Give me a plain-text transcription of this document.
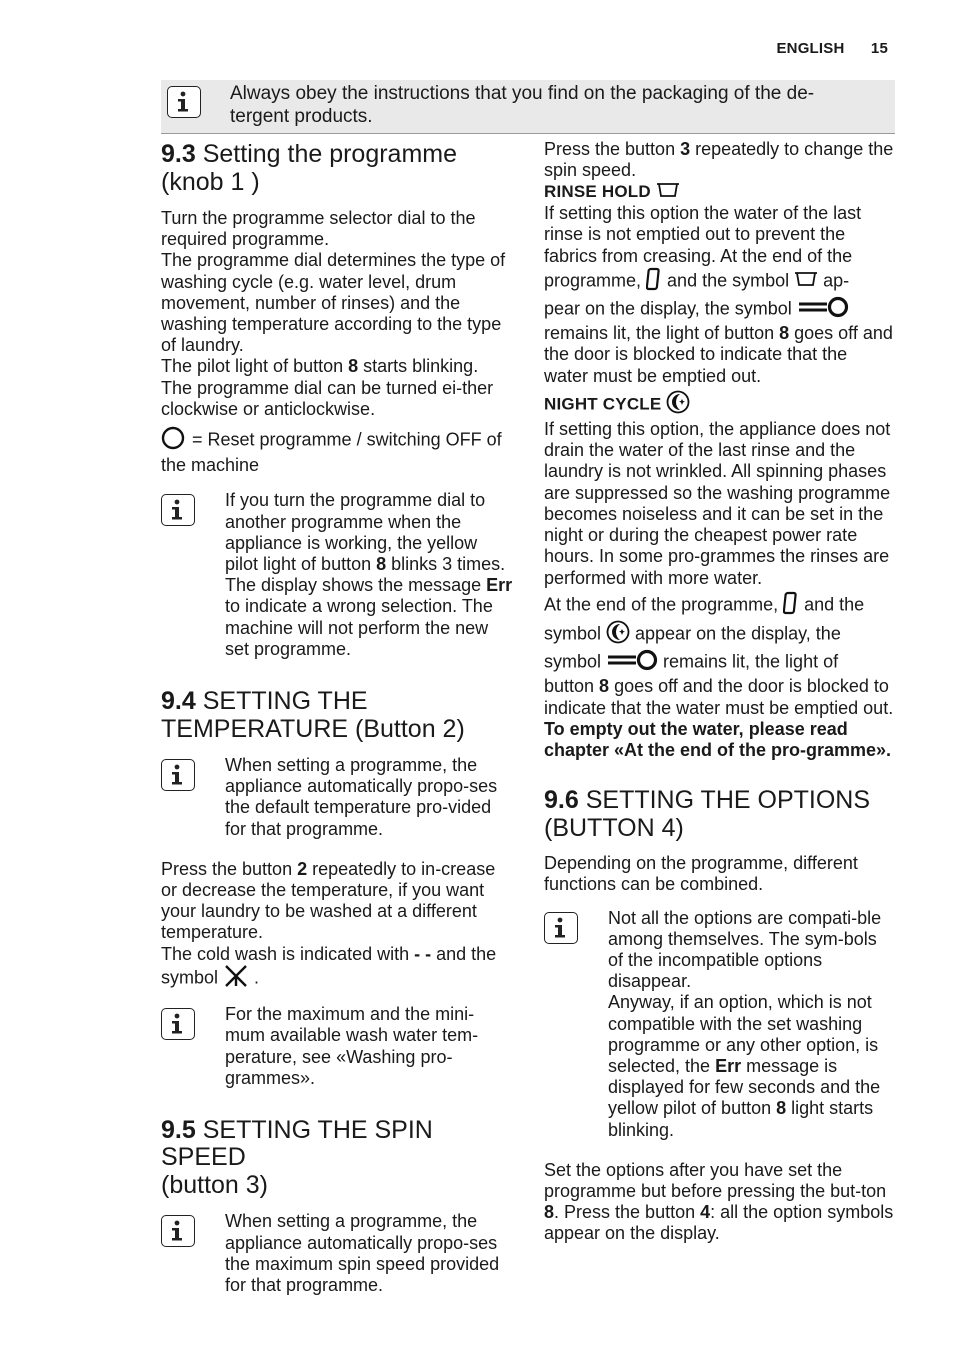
ENGLISH 15
Always obey the instructions that you find on the packaging of the de-
tergent products.
9.3 Setting the programme
(knob 1 )

Turn the programme selector dial to the required programme.

The programme dial determines the type of washing cycle (e.g. water level, drum movement, number of rinses) and the washing temperature according to the type of laundry.

The pilot light of button 8 starts blinking.

The programme dial can be turned ei-ther clockwise or anticlockwise.

= Reset programme / switching OFF of the machine

If you turn the programme dial to another programme when the appliance is working, the yellow pilot light of button 8 blinks 3 times. The display shows the message Err to indicate a wrong selection. The machine will not perform the new set programme.

9.4 SETTING THE
TEMPERATURE (Button 2)

When setting a programme, the appliance automatically propo-ses the default temperature pro-vided for that programme.

Press the button 2 repeatedly to in-crease or decrease the temperature, if you want your laundry to be washed at a different temperature.

The cold wash is indicated with - - and the symbol  .

For the maximum and the mini-mum available wash water tem-perature, see «Washing pro-grammes».

9.5 SETTING THE SPIN SPEED
(button 3)

When setting a programme, the appliance automatically propo-ses the maximum spin speed provided for that programme.

Press the button 3 repeatedly to change the spin speed.

RINSE HOLD

If setting this option the water of the last rinse is not emptied out to prevent the fabrics from creasing. At the end of the

programme,  and the symbol  ap-

pear on the display, the symbol

remains lit, the light of button 8 goes off and the door is blocked to indicate that the water must be emptied out.

NIGHT CYCLE

If setting this option, the appliance does not drain the water of the last rinse and the laundry is not wrinkled. All spinning phases are suppressed so the washing programme becomes noiseless and it can be set in the night or during the cheapest power rate hours. In some pro-grammes the rinses are performed with more water.

At the end of the programme,  and the

symbol  appear on the display, the

symbol	remains lit, the light of

button 8 goes off and the door is blocked to indicate that the water must be emptied out.

To empty out the water, please read chapter «At the end of the pro-gramme».

9.6 SETTING THE OPTIONS
(BUTTON 4)

Depending on the programme, different functions can be combined.

Not all the options are compati-ble among themselves. The sym-bols of the incompatible options disappear.

Anyway, if an option, which is not compatible with the set washing programme or any other option, is selected, the Err message is displayed for few seconds and the yellow pilot of button 8 light starts blinking.

Set the options after you have set the programme but before pressing the but-ton 8. Press the button 4: all the option symbols appear on the display.
